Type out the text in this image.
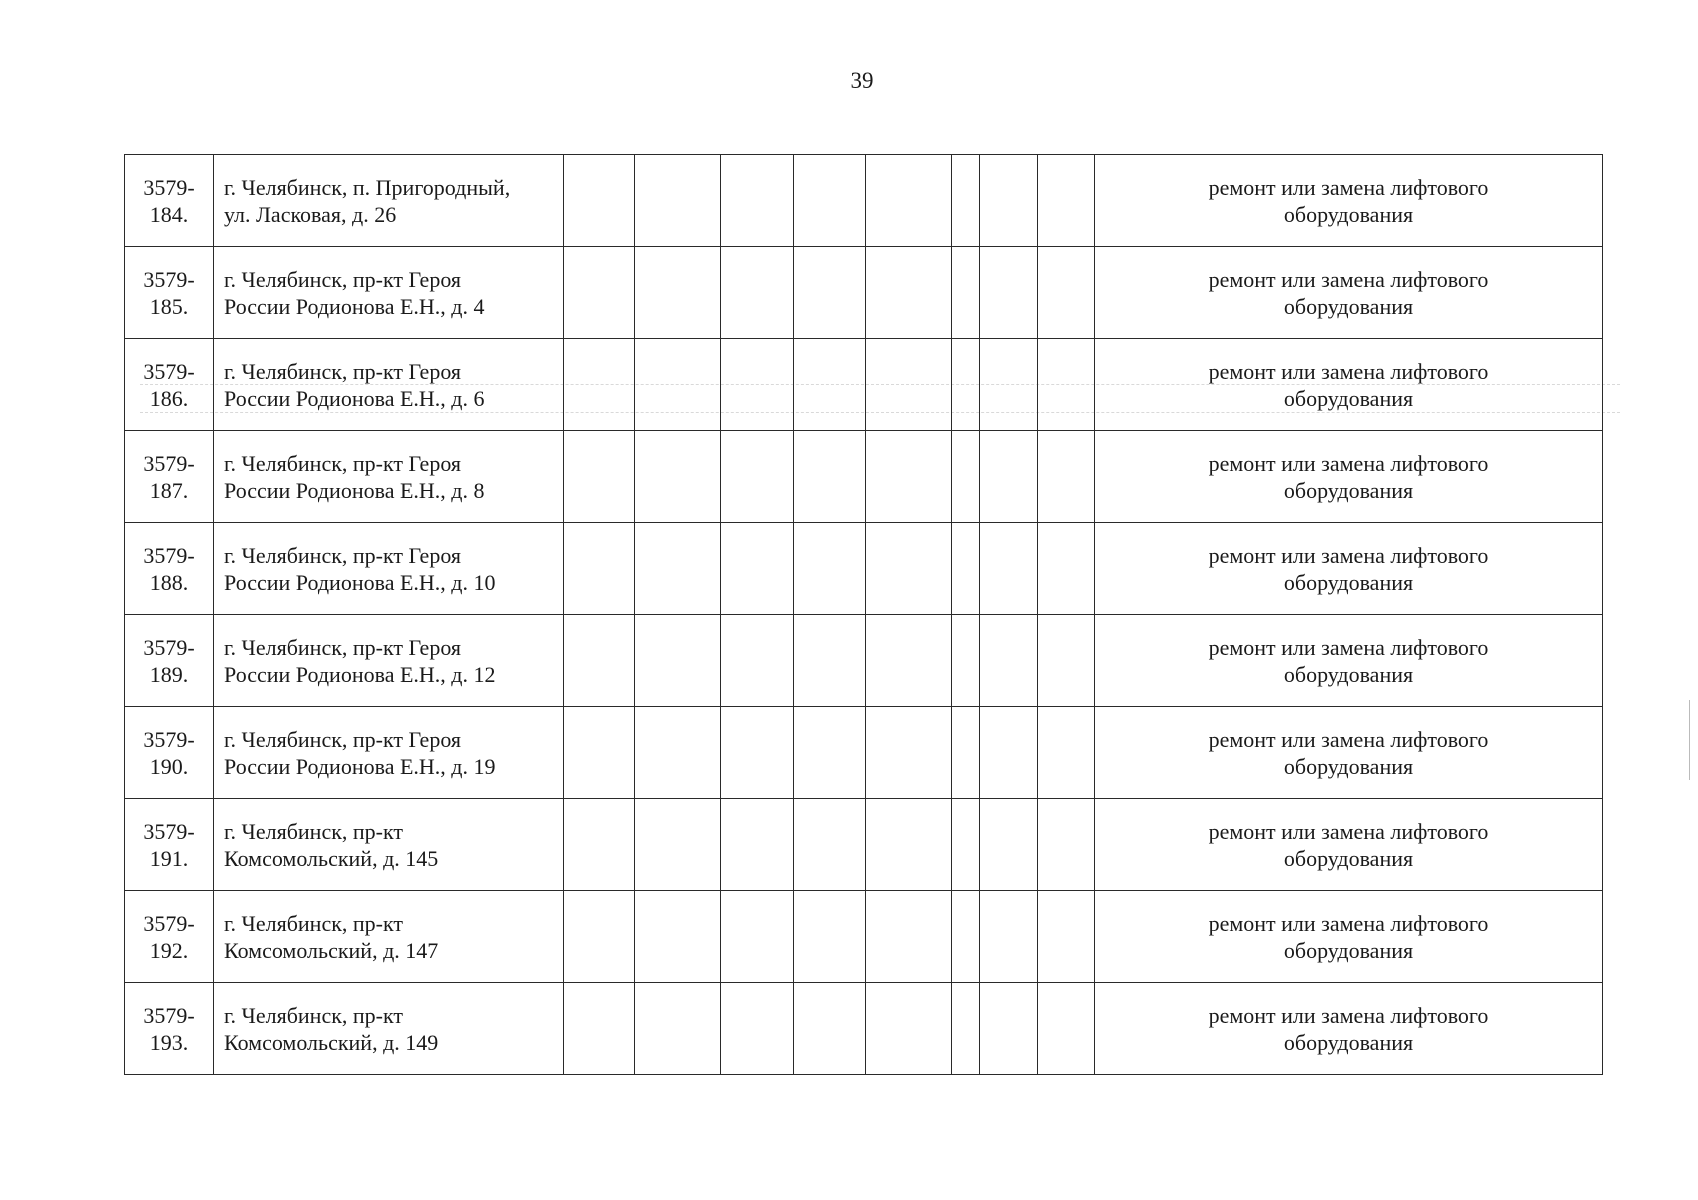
39
3579-
184.	г. Челябинск, п. Пригородный,
ул. Ласковая, д. 26									ремонт или замена лифтового
оборудования
3579-
185.	г. Челябинск, пр-кт Героя
России Родионова Е.Н., д. 4									ремонт или замена лифтового
оборудования
3579-
186.	г. Челябинск, пр-кт Героя
России Родионова Е.Н., д. 6									ремонт или замена лифтового
оборудования
3579-
187.	г. Челябинск, пр-кт Героя
России Родионова Е.Н., д. 8									ремонт или замена лифтового
оборудования
3579-
188.	г. Челябинск, пр-кт Героя
России Родионова Е.Н., д. 10									ремонт или замена лифтового
оборудования
3579-
189.	г. Челябинск, пр-кт Героя
России Родионова Е.Н., д. 12									ремонт или замена лифтового
оборудования
3579-
190.	г. Челябинск, пр-кт Героя
России Родионова Е.Н., д. 19									ремонт или замена лифтового
оборудования
3579-
191.	г. Челябинск, пр-кт
Комсомольский, д. 145									ремонт или замена лифтового
оборудования
3579-
192.	г. Челябинск, пр-кт
Комсомольский, д. 147									ремонт или замена лифтового
оборудования
3579-
193.	г. Челябинск, пр-кт
Комсомольский, д. 149									ремонт или замена лифтового
оборудования
